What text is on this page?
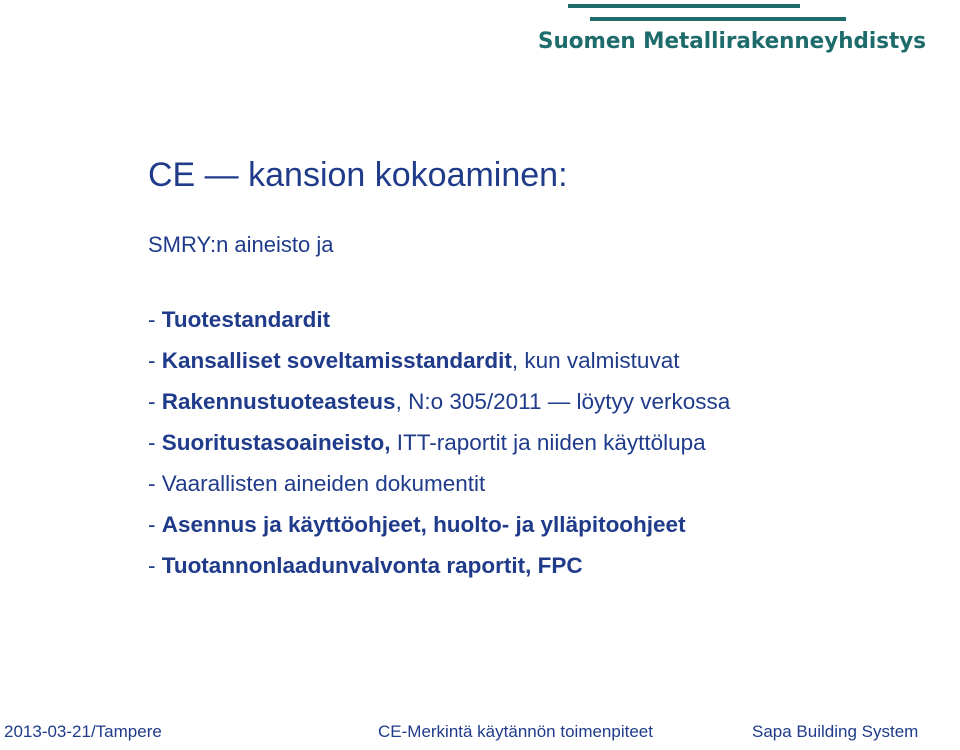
Suomen Metallirakenneyhdistys
CE — kansion kokoaminen:
SMRY:n aineisto ja
- Tuotestandardit
- Kansalliset soveltamisstandardit, kun valmistuvat
- Rakennustuoteasteus, N:o 305/2011 — löytyy verkossa
- Suoritustasoaineisto, ITT-raportit ja niiden käyttölupa
- Vaarallisten aineiden dokumentit
- Asennus ja käyttöohjeet, huolto- ja ylläpitoohjeet
- Tuotannonlaadunvalvonta raportit, FPC
2013-03-21/Tampere	CE-Merkintä käytännön toimenpiteet	Sapa Building System
